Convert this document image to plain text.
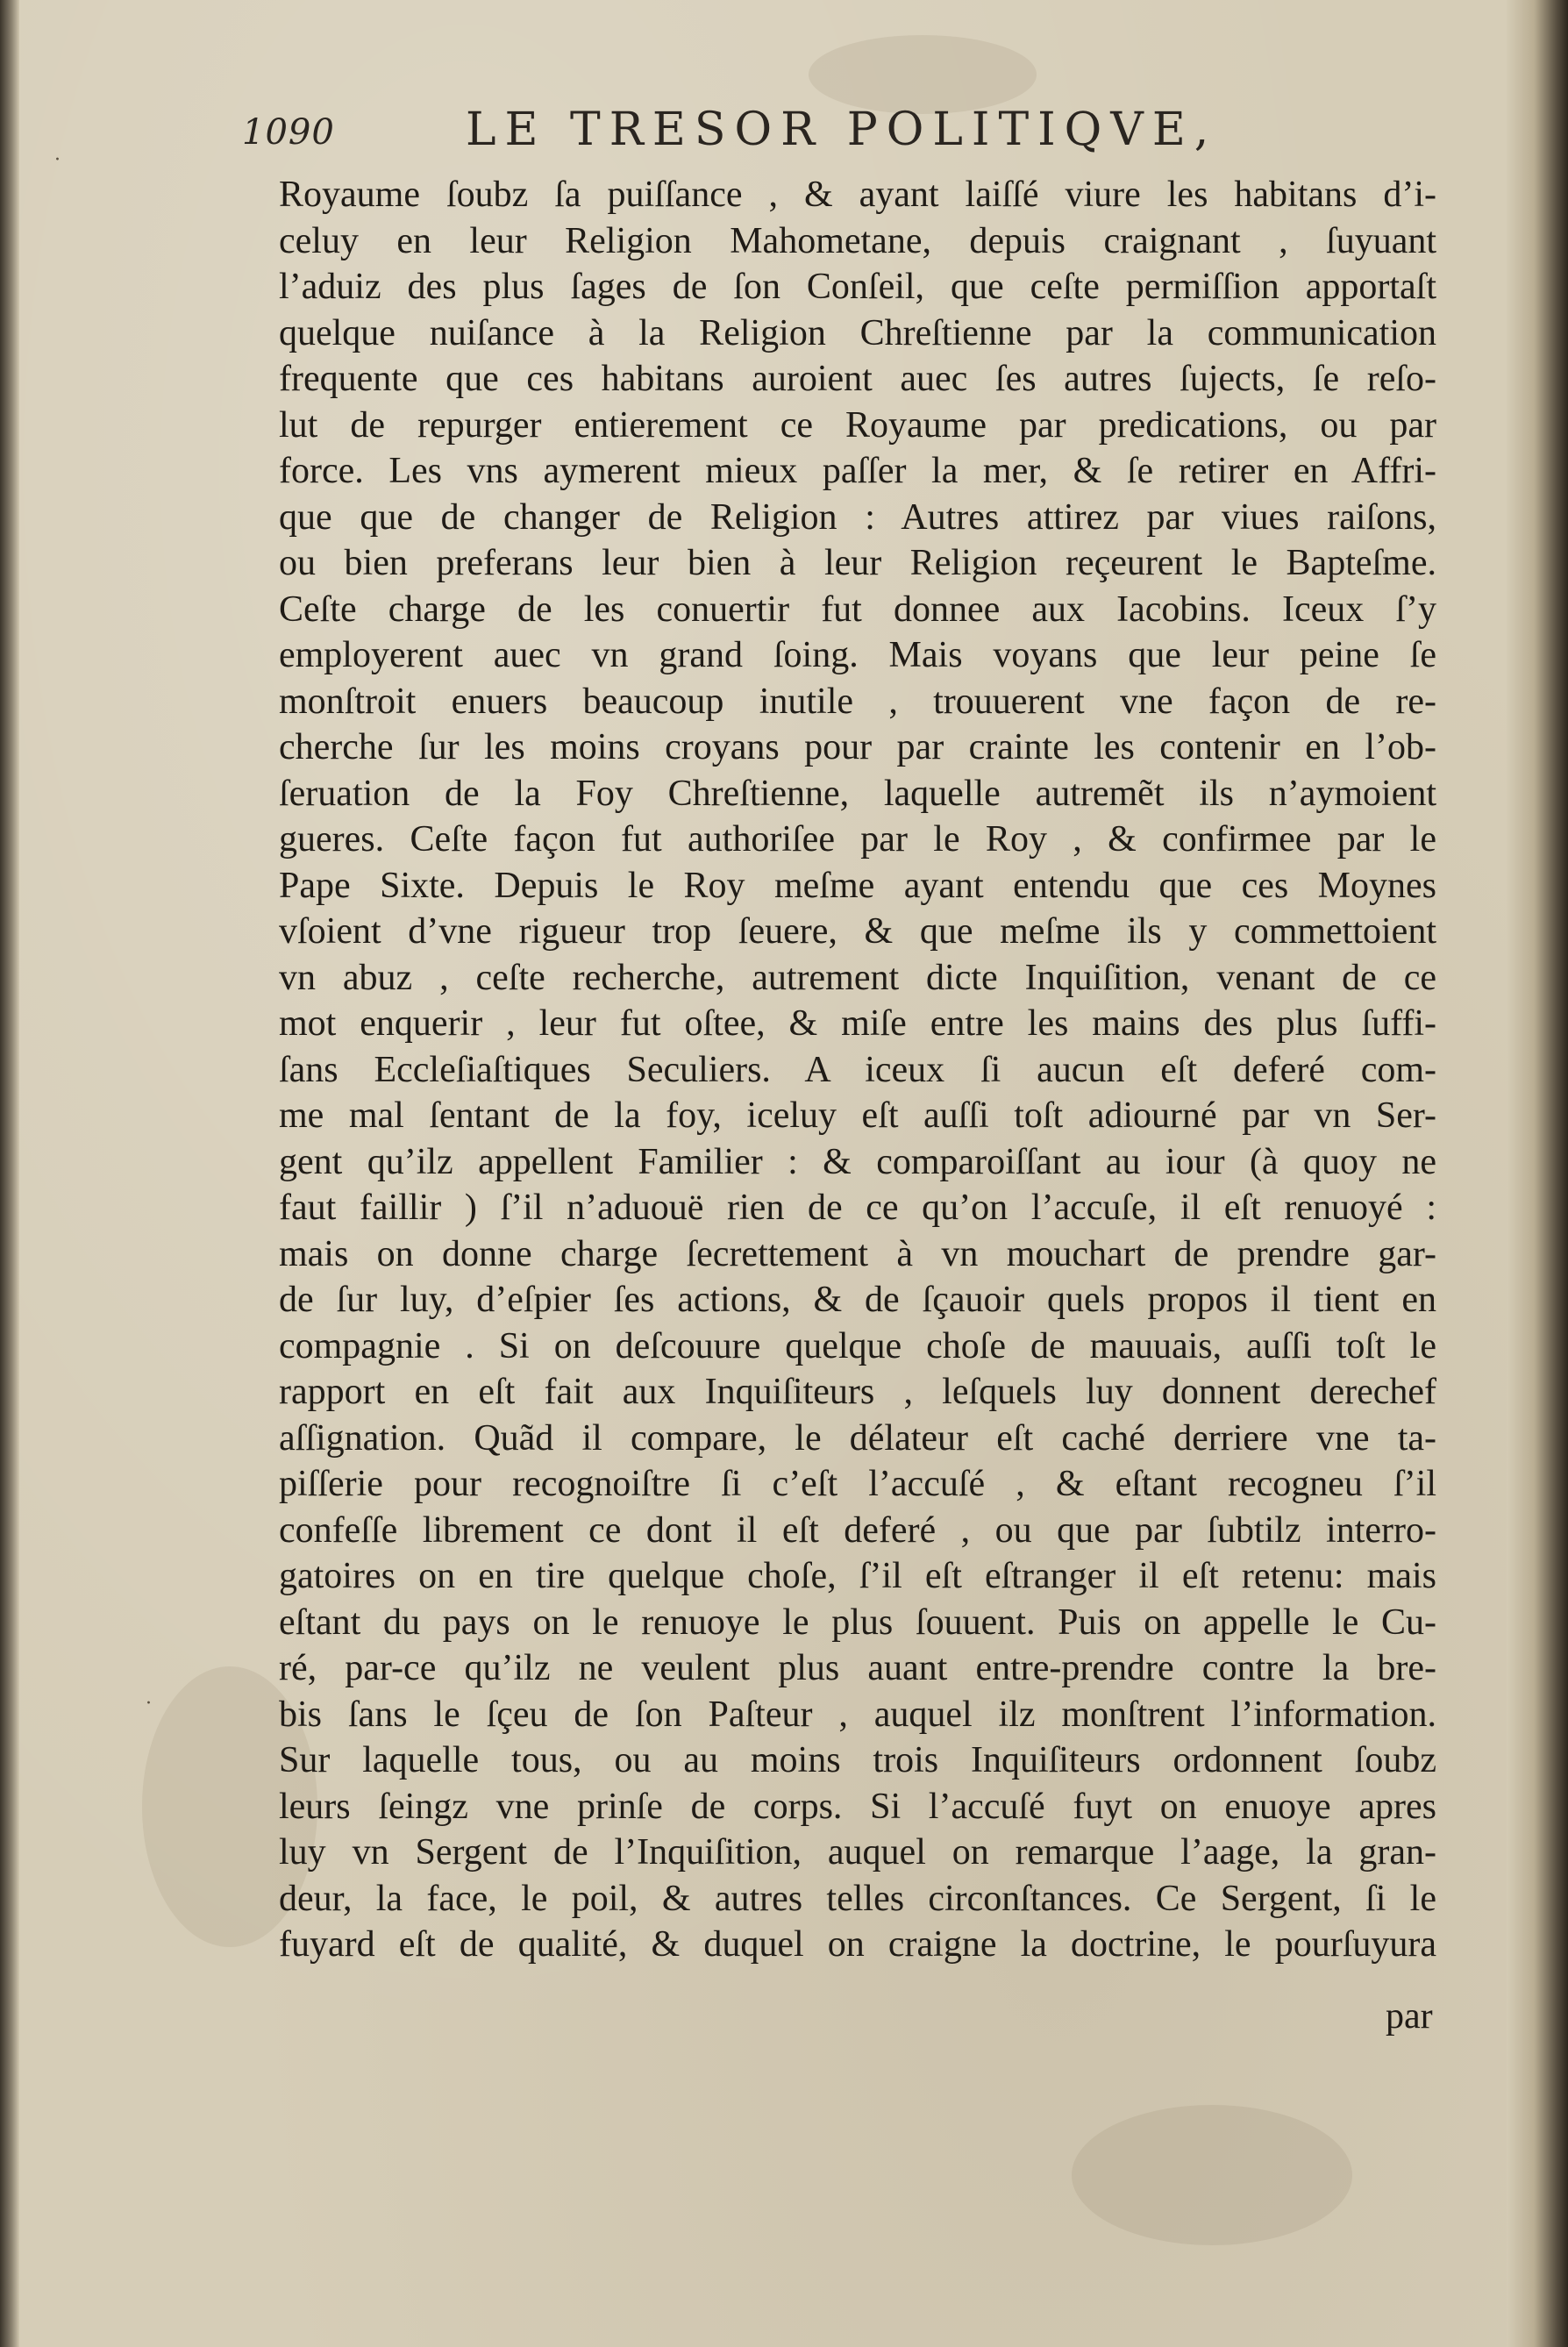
·
·
1090	LE TRESOR POLITIQVE,
Royaume ſoubz ſa puiſſance , & ayant laiſſé viure les habitans d’i-
celuy en leur Religion Mahometane, depuis craignant , ſuyuant
l’aduiz des plus ſages de ſon Conſeil, que ceſte permiſſion apportaſt
quelque nuiſance à la Religion Chreſtienne par la communication
frequente que ces habitans auroient auec ſes autres ſujects, ſe reſo-
lut de repurger entierement ce Royaume par predications, ou par
force. Les vns aymerent mieux paſſer la mer, & ſe retirer en Affri-
que que de changer de Religion : Autres attirez par viues raiſons,
ou bien preferans leur bien à leur Religion reçeurent le Bapteſme.
Ceſte charge de les conuertir fut donnee aux Iacobins. Iceux ſ’y
employerent auec vn grand ſoing. Mais voyans que leur peine ſe
monſtroit enuers beaucoup inutile , trouuerent vne façon de re-
cherche ſur les moins croyans pour par crainte les contenir en l’ob-
ſeruation de la Foy Chreſtienne, laquelle autremẽt ils n’aymoient
gueres. Ceſte façon fut authoriſee par le Roy , & confirmee par le
Pape Sixte. Depuis le Roy meſme ayant entendu que ces Moynes
vſoient d’vne rigueur trop ſeuere, & que meſme ils y commettoient
vn abuz , ceſte recherche, autrement dicte Inquiſition, venant de ce
mot enquerir , leur fut oſtee, & miſe entre les mains des plus ſuffi-
ſans Eccleſiaſtiques Seculiers. A iceux ſi aucun eſt deferé com-
me mal ſentant de la foy, iceluy eſt auſſi toſt adiourné par vn Ser-
gent qu’ilz appellent Familier : & comparoiſſant au iour (à quoy ne
faut faillir ) ſ’il n’aduouë rien de ce qu’on l’accuſe, il eſt renuoyé :
mais on donne charge ſecrettement à vn mouchart de prendre gar-
de ſur luy, d’eſpier ſes actions, & de ſçauoir quels propos il tient en
compagnie . Si on deſcouure quelque choſe de mauuais, auſſi toſt le
rapport en eſt fait aux Inquiſiteurs , leſquels luy donnent derechef
aſſignation. Quãd il compare, le délateur eſt caché derriere vne ta-
piſſerie pour recognoiſtre ſi c’eſt l’accuſé , & eſtant recogneu ſ’il
confeſſe librement ce dont il eſt deferé , ou que par ſubtilz interro-
gatoires on en tire quelque choſe, ſ’il eſt eſtranger il eſt retenu: mais
eſtant du pays on le renuoye le plus ſouuent. Puis on appelle le Cu-
ré, par-ce qu’ilz ne veulent plus auant entre-prendre contre la bre-
bis ſans le ſçeu de ſon Paſteur , auquel ilz monſtrent l’information.
Sur laquelle tous, ou au moins trois Inquiſiteurs ordonnent ſoubz
leurs ſeingz vne prinſe de corps. Si l’accuſé fuyt on enuoye apres
luy vn Sergent de l’Inquiſition, auquel on remarque l’aage, la gran-
deur, la face, le poil, & autres telles circonſtances. Ce Sergent, ſi le
fuyard eſt de qualité, & duquel on craigne la doctrine, le pourſuyura
par
